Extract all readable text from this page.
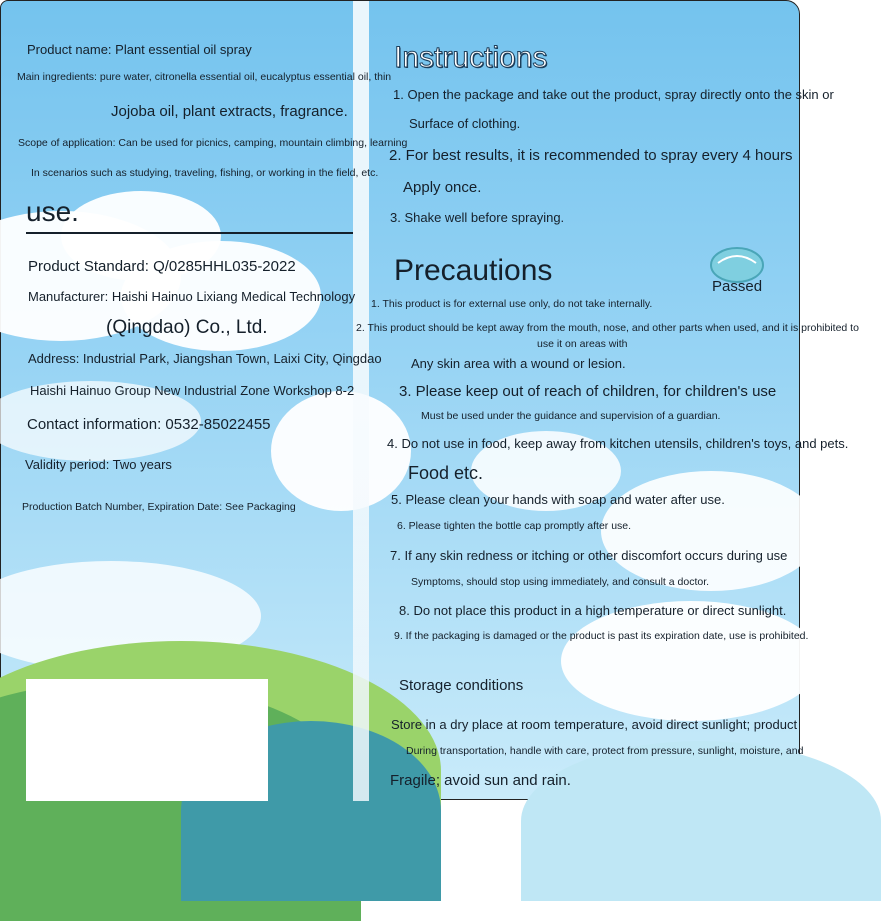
Product name: Plant essential oil spray
Main ingredients: pure water, citronella essential oil, eucalyptus essential oil, thin
Jojoba oil, plant extracts, fragrance.
Scope of application: Can be used for picnics, camping, mountain climbing, learning
In scenarios such as studying, traveling, fishing, or working in the field, etc.
use.
Product Standard: Q/0285HHL035-2022
Manufacturer: Haishi Hainuo Lixiang Medical Technology
(Qingdao) Co., Ltd.
Address: Industrial Park, Jiangshan Town, Laixi City, Qingdao
Haishi Hainuo Group New Industrial Zone Workshop 8-2
Contact information: 0532-85022455
Validity period: Two years
Production Batch Number, Expiration Date: See Packaging
Instructions
1. Open the package and take out the product, spray directly onto the skin or
Surface of clothing.
2. For best results, it is recommended to spray every 4 hours
Apply once.
3. Shake well before spraying.
Precautions	Passed
1. This product is for external use only, do not take internally.
2. This product should be kept away from the mouth, nose, and other parts when used, and it is prohibited to
use it on areas with
Any skin area with a wound or lesion.
3. Please keep out of reach of children, for children's use
Must be used under the guidance and supervision of a guardian.
4. Do not use in food, keep away from kitchen utensils, children's toys, and pets.
Food etc.
5. Please clean your hands with soap and water after use.
6. Please tighten the bottle cap promptly after use.
7. If any skin redness or itching or other discomfort occurs during use
Symptoms, should stop using immediately, and consult a doctor.
8. Do not place this product in a high temperature or direct sunlight.
9. If the packaging is damaged or the product is past its expiration date, use is prohibited.
Storage conditions
Store in a dry place at room temperature, avoid direct sunlight; product
During transportation, handle with care, protect from pressure, sunlight, moisture, and
Fragile; avoid sun and rain.
